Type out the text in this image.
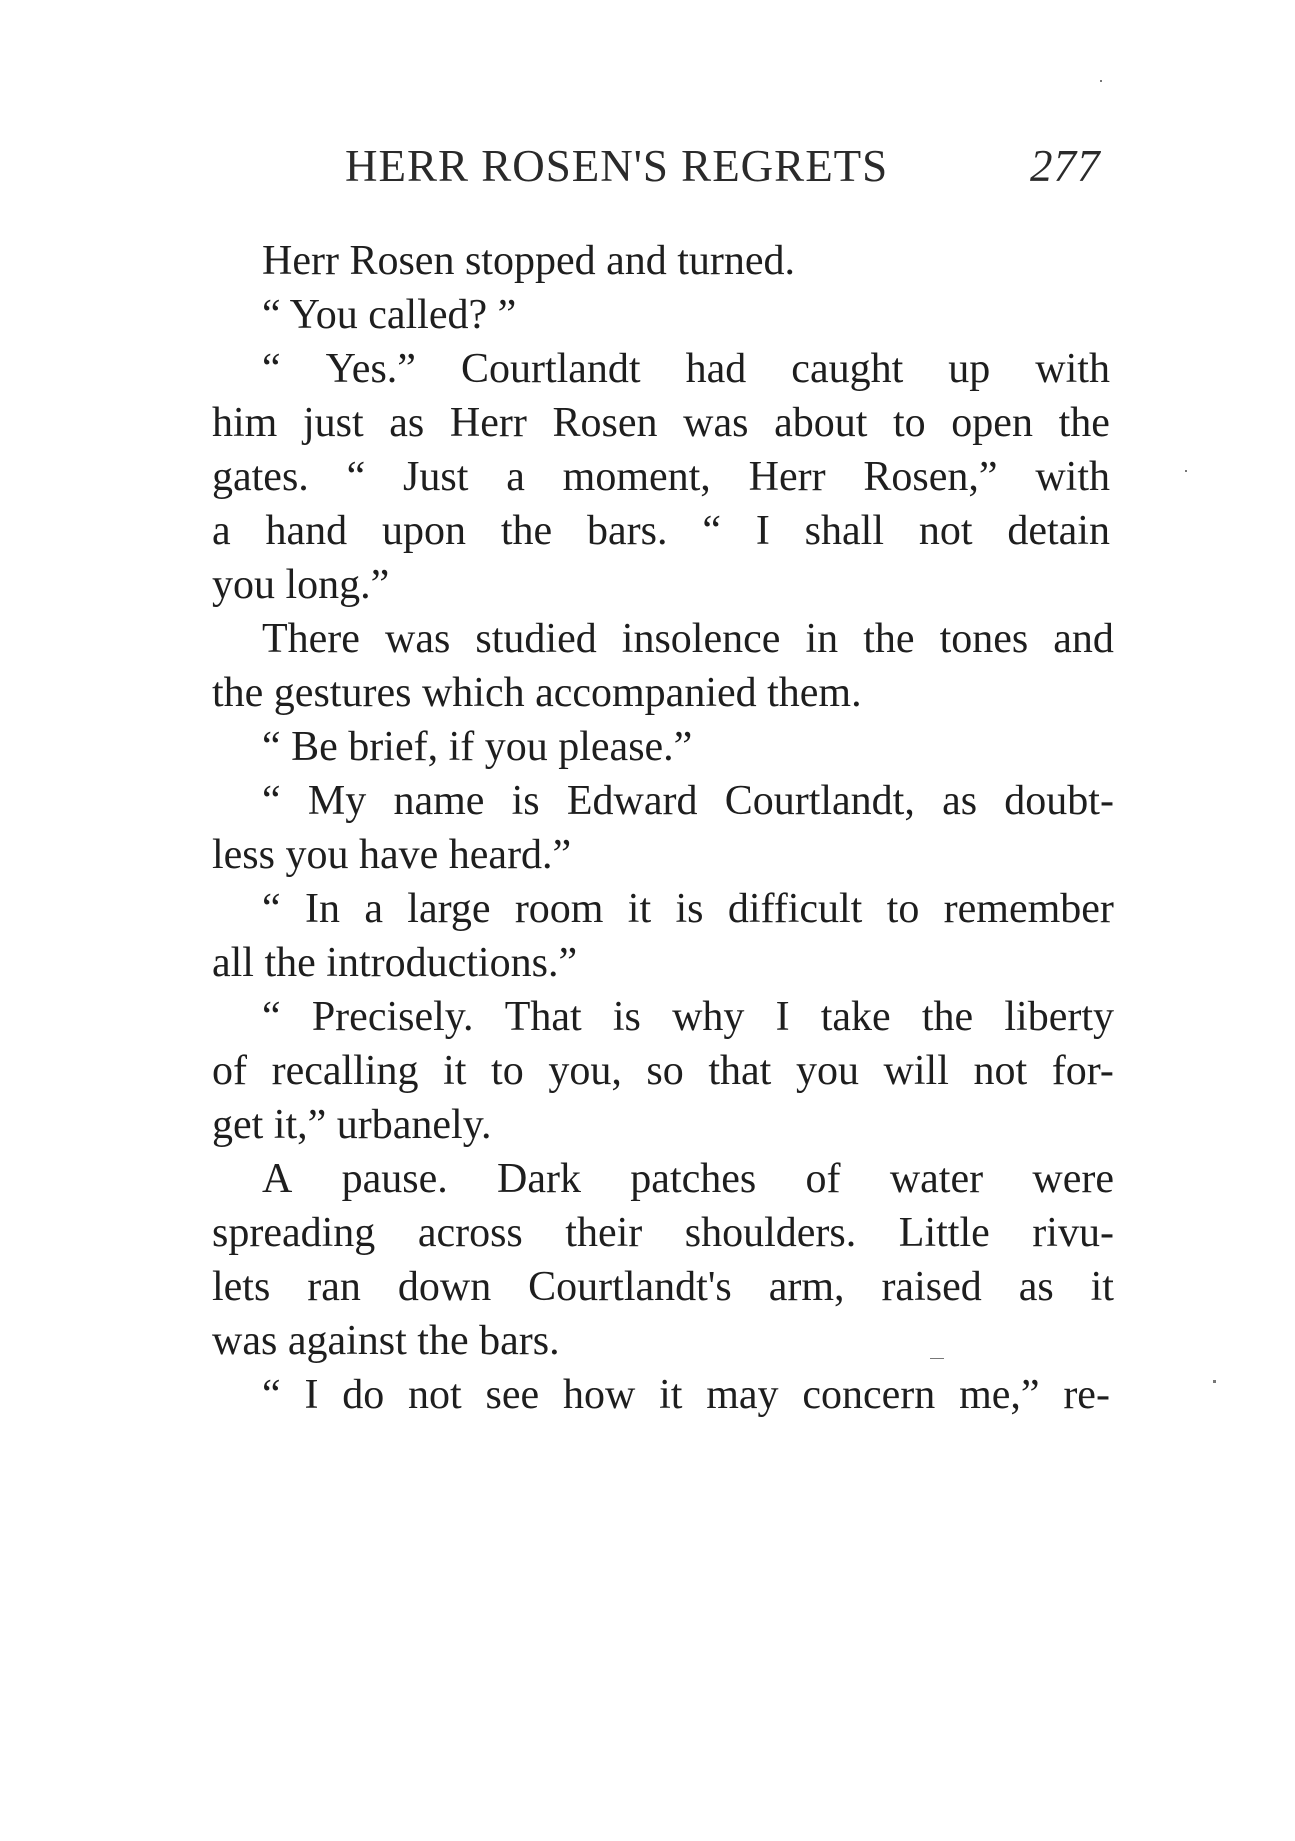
HERR ROSEN'S REGRETS	277
Herr Rosen stopped and turned.
“ You called? ”
“ Yes.” Courtlandt had caught up with
him just as Herr Rosen was about to open the
gates. “ Just a moment, Herr Rosen,” with
a hand upon the bars. “ I shall not detain
you long.”
There was studied insolence in the tones and
the gestures which accompanied them.
“ Be brief, if you please.”
“ My name is Edward Courtlandt, as doubt-
less you have heard.”
“ In a large room it is difficult to remember
all the introductions.”
“ Precisely. That is why I take the liberty
of recalling it to you, so that you will not for-
get it,” urbanely.
A pause. Dark patches of water were
spreading across their shoulders. Little rivu-
lets ran down Courtlandt's arm, raised as it
was against the bars.
“ I do not see how it may concern me,” re-
